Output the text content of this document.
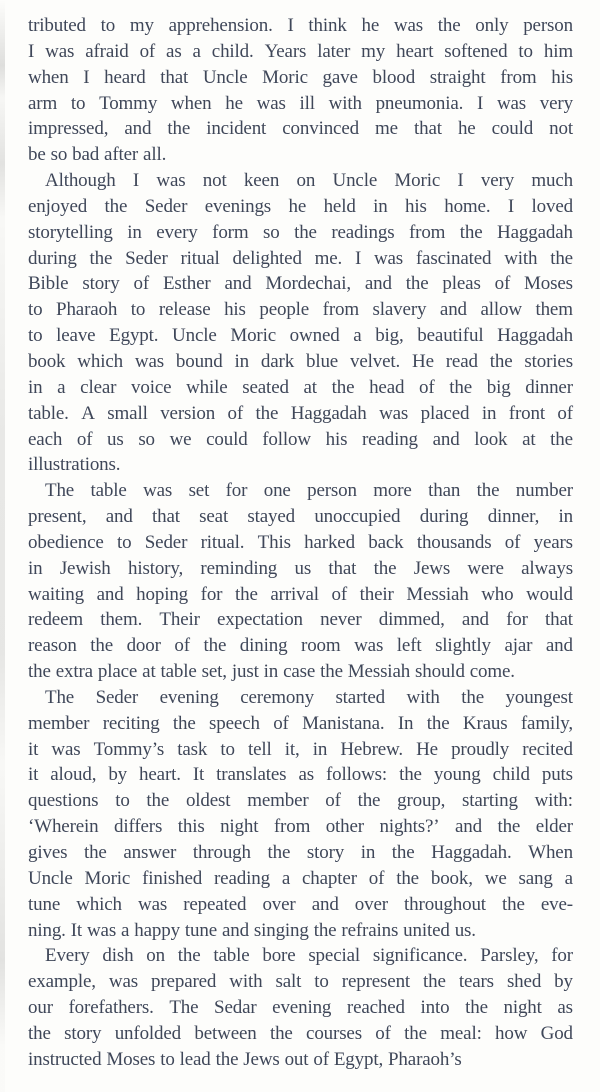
tributed to my apprehension. I think he was the only person
I was afraid of as a child. Years later my heart softened to him
when I heard that Uncle Moric gave blood straight from his
arm to Tommy when he was ill with pneumonia. I was very
impressed, and the incident convinced me that he could not
be so bad after all.
Although I was not keen on Uncle Moric I very much
enjoyed the Seder evenings he held in his home. I loved
storytelling in every form so the readings from the Haggadah
during the Seder ritual delighted me. I was fascinated with the
Bible story of Esther and Mordechai, and the pleas of Moses
to Pharaoh to release his people from slavery and allow them
to leave Egypt. Uncle Moric owned a big, beautiful Haggadah
book which was bound in dark blue velvet. He read the stories
in a clear voice while seated at the head of the big dinner
table. A small version of the Haggadah was placed in front of
each of us so we could follow his reading and look at the
illustrations.
The table was set for one person more than the number
present, and that seat stayed unoccupied during dinner, in
obedience to Seder ritual. This harked back thousands of years
in Jewish history, reminding us that the Jews were always
waiting and hoping for the arrival of their Messiah who would
redeem them. Their expectation never dimmed, and for that
reason the door of the dining room was left slightly ajar and
the extra place at table set, just in case the Messiah should come.
The Seder evening ceremony started with the youngest
member reciting the speech of Manistana. In the Kraus family,
it was Tommy’s task to tell it, in Hebrew. He proudly recited
it aloud, by heart. It translates as follows: the young child puts
questions to the oldest member of the group, starting with:
‘Wherein differs this night from other nights?’ and the elder
gives the answer through the story in the Haggadah. When
Uncle Moric finished reading a chapter of the book, we sang a
tune which was repeated over and over throughout the eve-
ning. It was a happy tune and singing the refrains united us.
Every dish on the table bore special significance. Parsley, for
example, was prepared with salt to represent the tears shed by
our forefathers. The Sedar evening reached into the night as
the story unfolded between the courses of the meal: how God
instructed Moses to lead the Jews out of Egypt, Pharaoh’s
